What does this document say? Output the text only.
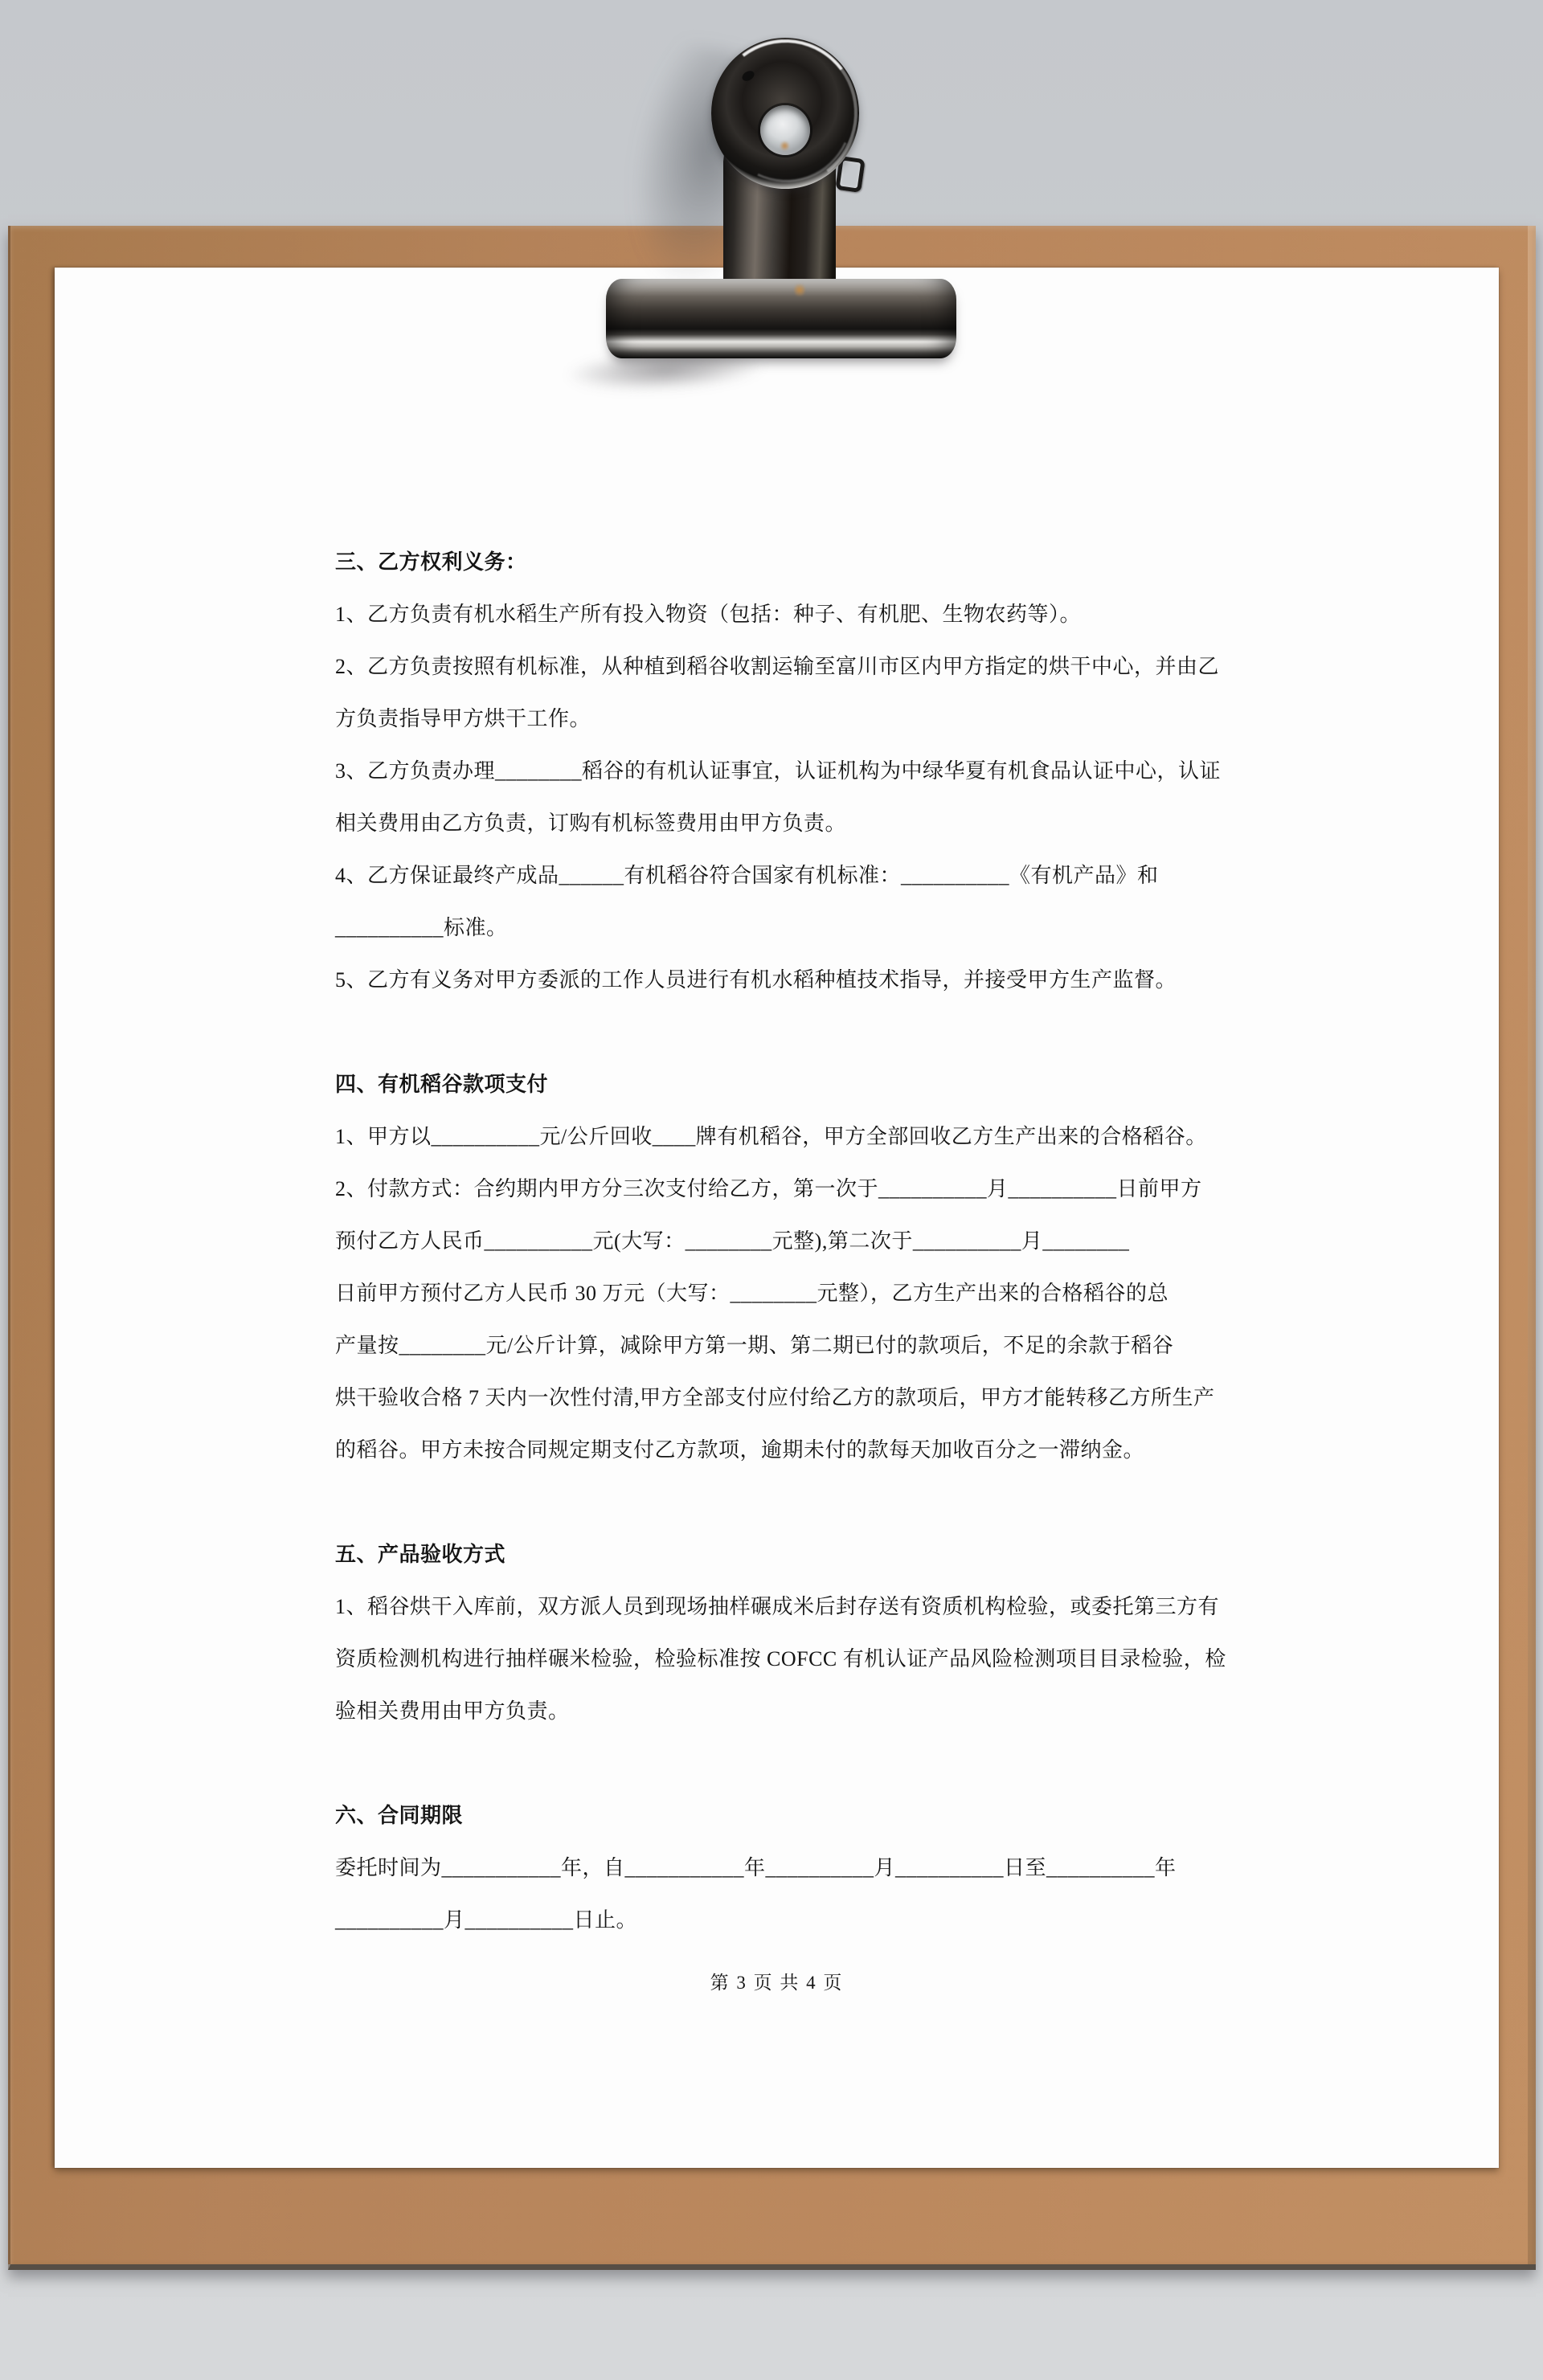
三、乙方权利义务：
1、乙方负责有机水稻生产所有投入物资（包括：种子、有机肥、生物农药等）。
2、乙方负责按照有机标准，从种植到稻谷收割运输至富川市区内甲方指定的烘干中心，并由乙
方负责指导甲方烘干工作。
3、乙方负责办理________稻谷的有机认证事宜，认证机构为中绿华夏有机食品认证中心，认证
相关费用由乙方负责，订购有机标签费用由甲方负责。
4、乙方保证最终产成品______有机稻谷符合国家有机标准：__________《有机产品》和
__________标准。
5、乙方有义务对甲方委派的工作人员进行有机水稻种植技术指导，并接受甲方生产监督。
四、有机稻谷款项支付
1、甲方以__________元/公斤回收____牌有机稻谷，甲方全部回收乙方生产出来的合格稻谷。
2、付款方式：合约期内甲方分三次支付给乙方，第一次于__________月__________日前甲方
预付乙方人民币__________元(大写：________元整),第二次于__________月________
日前甲方预付乙方人民币 30 万元（大写：________元整），乙方生产出来的合格稻谷的总
产量按________元/公斤计算，减除甲方第一期、第二期已付的款项后，不足的余款于稻谷
烘干验收合格 7 天内一次性付清,甲方全部支付应付给乙方的款项后，甲方才能转移乙方所生产
的稻谷。甲方未按合同规定期支付乙方款项，逾期未付的款每天加收百分之一滞纳金。
五、产品验收方式
1、稻谷烘干入库前，双方派人员到现场抽样碾成米后封存送有资质机构检验，或委托第三方有
资质检测机构进行抽样碾米检验，检验标准按 COFCC 有机认证产品风险检测项目目录检验，检
验相关费用由甲方负责。
六、合同期限
委托时间为___________年，自___________年__________月__________日至__________年
__________月__________日止。
第 3 页 共 4 页
